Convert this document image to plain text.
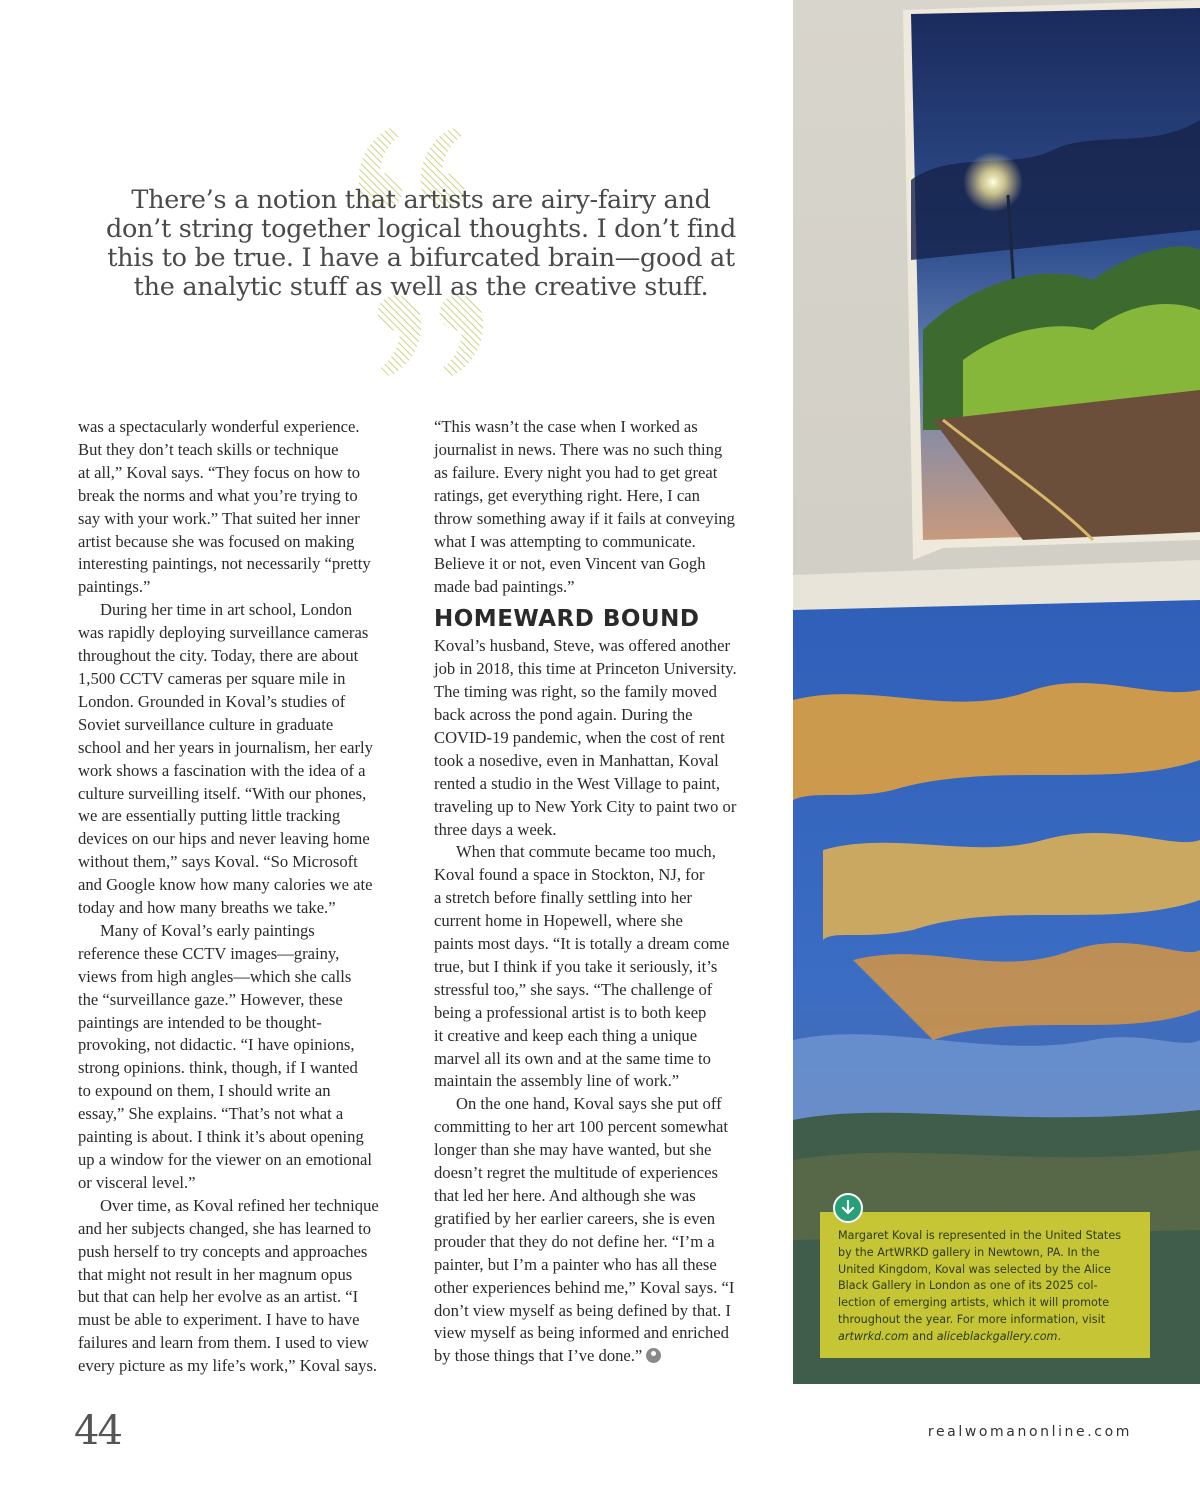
There’s a notion that artists are airy-fairy and
don’t string together logical thoughts. I don’t find
this to be true. I have a bifurcated brain—good at
the analytic stuff as well as the creative stuff.

was a spectacularly wonderful experience.
But they don’t teach skills or technique
at all,” Koval says. “They focus on how to
break the norms and what you’re trying to
say with your work.” That suited her inner
artist because she was focused on making
interesting paintings, not necessarily “pretty
paintings.”

During her time in art school, London
was rapidly deploying surveillance cameras
throughout the city. Today, there are about
1,500 CCTV cameras per square mile in
London. Grounded in Koval’s studies of
Soviet surveillance culture in graduate
school and her years in journalism, her early
work shows a fascination with the idea of a
culture surveilling itself. “With our phones,
we are essentially putting little tracking
devices on our hips and never leaving home
without them,” says Koval. “So Microsoft
and Google know how many calories we ate
today and how many breaths we take.”

Many of Koval’s early paintings
reference these CCTV images—grainy,
views from high angles—which she calls
the “surveillance gaze.” However, these
paintings are intended to be thought-
provoking, not didactic. “I have opinions,
strong opinions. think, though, if I wanted
to expound on them, I should write an
essay,” She explains. “That’s not what a
painting is about. I think it’s about opening
up a window for the viewer on an emotional
or visceral level.”

Over time, as Koval refined her technique
and her subjects changed, she has learned to
push herself to try concepts and approaches
that might not result in her magnum opus
but that can help her evolve as an artist. “I
must be able to experiment. I have to have
failures and learn from them. I used to view
every picture as my life’s work,” Koval says.

“This wasn’t the case when I worked as
journalist in news. There was no such thing
as failure. Every night you had to get great
ratings, get everything right. Here, I can
throw something away if it fails at conveying
what I was attempting to communicate.
Believe it or not, even Vincent van Gogh
made bad paintings.”

HOMEWARD BOUND

Koval’s husband, Steve, was offered another
job in 2018, this time at Princeton University.
The timing was right, so the family moved
back across the pond again. During the
COVID-19 pandemic, when the cost of rent
took a nosedive, even in Manhattan, Koval
rented a studio in the West Village to paint,
traveling up to New York City to paint two or
three days a week.

When that commute became too much,
Koval found a space in Stockton, NJ, for
a stretch before finally settling into her
current home in Hopewell, where she
paints most days. “It is totally a dream come
true, but I think if you take it seriously, it’s
stressful too,” she says. “The challenge of
being a professional artist is to both keep
it creative and keep each thing a unique
marvel all its own and at the same time to
maintain the assembly line of work.”

On the one hand, Koval says she put off
committing to her art 100 percent somewhat
longer than she may have wanted, but she
doesn’t regret the multitude of experiences
that led her here. And although she was
gratified by her earlier careers, she is even
prouder that they do not define her. “I’m a
painter, but I’m a painter who has all these
other experiences behind me,” Koval says. “I
don’t view myself as being defined by that. I
view myself as being informed and enriched
by those things that I’ve done.”

Margaret Koval is represented in the United States
by the ArtWRKD gallery in Newtown, PA. In the
United Kingdom, Koval was selected by the Alice
Black Gallery in London as one of its 2025 col-
lection of emerging artists, which it will promote
throughout the year. For more information, visit
artwrkd.com and aliceblackgallery.com.
44	realwomanonline.com
